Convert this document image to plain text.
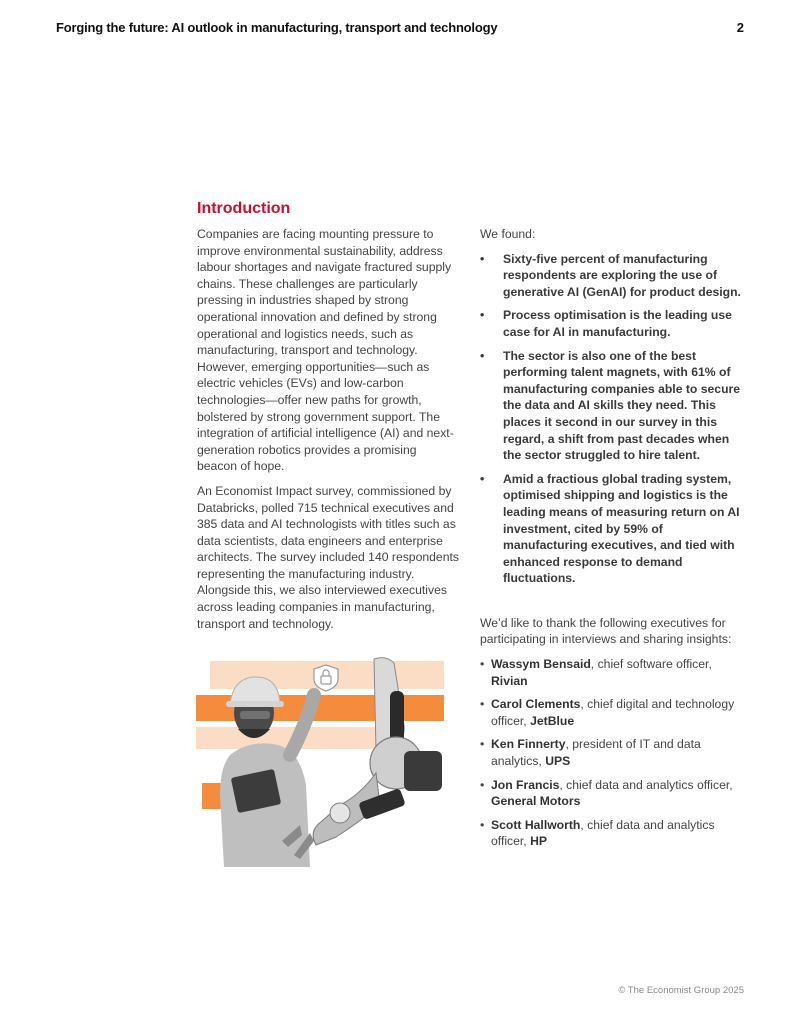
Forging the future: AI outlook in manufacturing, transport and technology	2
Introduction

Companies are facing mounting pressure to improve environmental sustainability, address labour shortages and navigate fractured supply chains. These challenges are particularly pressing in industries shaped by strong operational innovation and defined by strong operational and logistics needs, such as manufacturing, transport and technology. However, emerging opportunities—such as electric vehicles (EVs) and low-carbon technologies—offer new paths for growth, bolstered by strong government support. The integration of artificial intelligence (AI) and next-generation robotics provides a promising beacon of hope.

An Economist Impact survey, commissioned by Databricks, polled 715 technical executives and 385 data and AI technologists with titles such as data scientists, data engineers and enterprise architects. The survey included 140 respondents representing the manufacturing industry. Alongside this, we also interviewed executives across leading companies in manufacturing, transport and technology.

We found:

• Sixty-five percent of manufacturing respondents are exploring the use of generative AI (GenAI) for product design.
• Process optimisation is the leading use case for AI in manufacturing.
• The sector is also one of the best performing talent magnets, with 61% of manufacturing companies able to secure the data and AI skills they need. This places it second in our survey in this regard, a shift from past decades when the sector struggled to hire talent.
• Amid a fractious global trading system, optimised shipping and logistics is the leading means of measuring return on AI investment, cited by 59% of manufacturing executives, and tied with enhanced response to demand fluctuations.

We’d like to thank the following executives for participating in interviews and sharing insights:

• Wassym Bensaid, chief software officer, Rivian
• Carol Clements, chief digital and technology officer, JetBlue
• Ken Finnerty, president of IT and data analytics, UPS
• Jon Francis, chief data and analytics officer, General Motors
• Scott Hallworth, chief data and analytics officer, HP
© The Economist Group 2025
